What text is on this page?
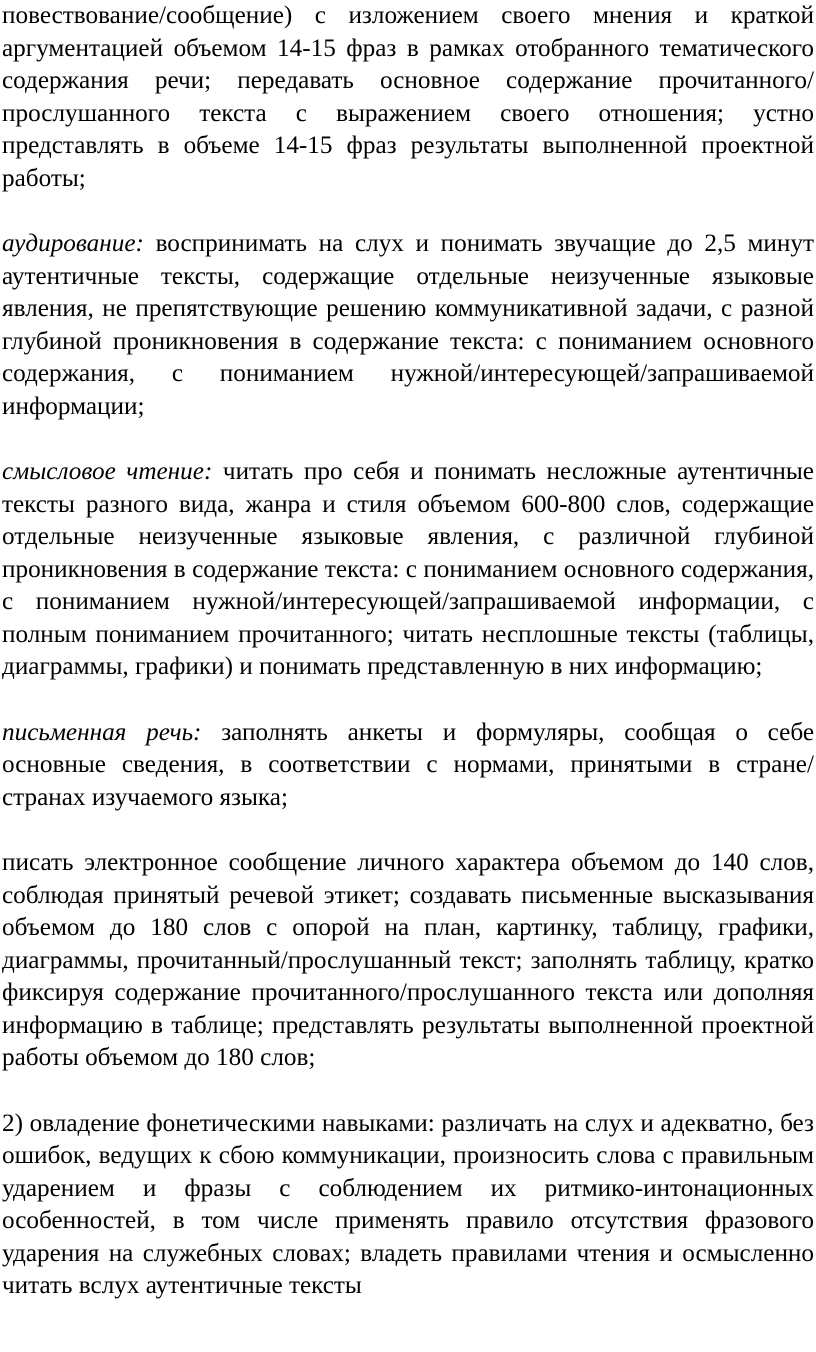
повествование/сообщение) с изложением своего мнения и краткой аргументацией объемом 14-15 фраз в рамках отобранного тематического содержания речи; передавать основное содержание прочитанного/прослушанного текста с выражением своего отношения; устно представлять в объеме 14-15 фраз результаты выполненной проектной работы;

аудирование: воспринимать на слух и понимать звучащие до 2,5 минут аутентичные тексты, содержащие отдельные неизученные языковые явления, не препятствующие решению коммуникативной задачи, с разной глубиной проникновения в содержание текста: с пониманием основного содержания, с пониманием нужной/интересующей/запрашиваемой информации;

смысловое чтение: читать про себя и понимать несложные аутентичные тексты разного вида, жанра и стиля объемом 600-800 слов, содержащие отдельные неизученные языковые явления, с различной глубиной проникновения в содержание текста: с пониманием основного содержания, с пониманием нужной/интересующей/запрашиваемой информации, с полным пониманием прочитанного; читать несплошные тексты (таблицы, диаграммы, графики) и понимать представленную в них информацию;

письменная речь: заполнять анкеты и формуляры, сообщая о себе основные сведения, в соответствии с нормами, принятыми в стране/странах изучаемого языка;

писать электронное сообщение личного характера объемом до 140 слов, соблюдая принятый речевой этикет; создавать письменные высказывания объемом до 180 слов с опорой на план, картинку, таблицу, графики, диаграммы, прочитанный/прослушанный текст; заполнять таблицу, кратко фиксируя содержание прочитанного/прослушанного текста или дополняя информацию в таблице; представлять результаты выполненной проектной работы объемом до 180 слов;

2) овладение фонетическими навыками: различать на слух и адекватно, без ошибок, ведущих к сбою коммуникации, произносить слова с правильным ударением и фразы с соблюдением их ритмико-интонационных особенностей, в том числе применять правило отсутствия фразового ударения на служебных словах; владеть правилами чтения и осмысленно читать вслух аутентичные тексты
